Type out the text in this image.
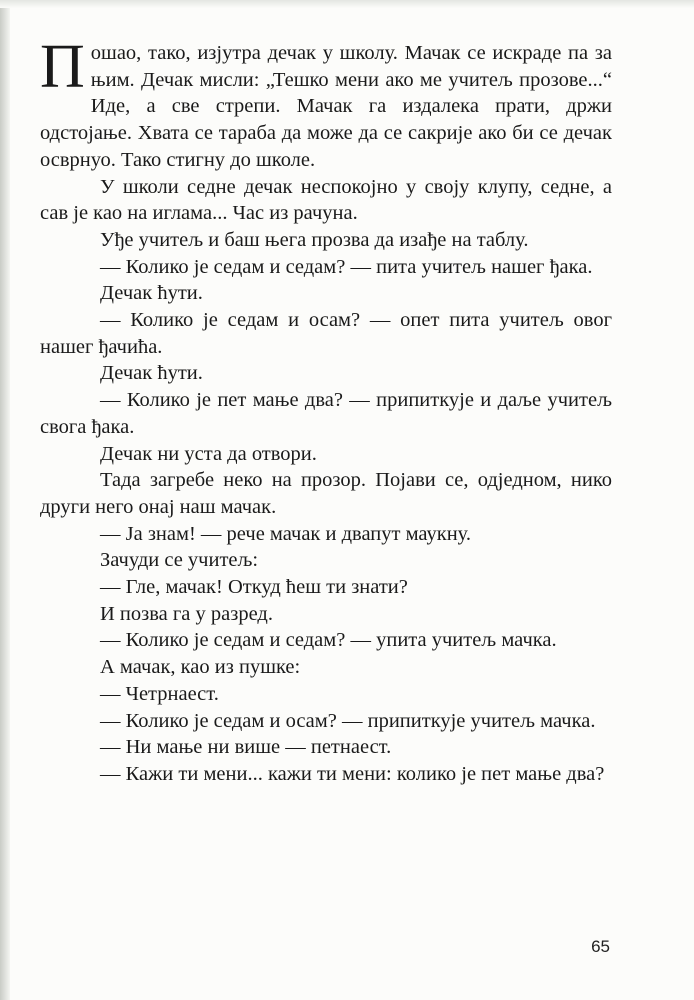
Пошао, тако, изјутра дечак у школу. Мачак се искраде па за њим. Дечак мисли: „Тешко мени ако ме учитељ прозове...“ Иде, а све стрепи. Мачак га издалека прати, држи одстојање. Хвата се тараба да може да се сакрије ако би се дечак осврнуо. Тако стигну до школе.

У школи седне дечак неспокојно у своју клупу, седне, а сав је као на иглама... Час из рачуна.

Уђе учитељ и баш њега прозва да изађе на таблу.

— Колико је седам и седам? — пита учитељ нашег ђака.

Дечак ћути.

— Колико је седам и осам? — опет пита учитељ овог нашег ђачића.

Дечак ћути.

— Колико је пет мање два? — припиткује и даље учитељ свога ђака.

Дечак ни уста да отвори.

Тада загребе неко на прозор. Појави се, одједном, нико други него онај наш мачак.

— Ја знам! — рече мачак и двапут маукну.

Зачуди се учитељ:

— Гле, мачак! Откуд ћеш ти знати?

И позва га у разред.

— Колико је седам и седам? — упита учитељ мачка.

А мачак, као из пушке:

— Четрнаест.

— Колико је седам и осам? — припиткује учитељ мачка.

— Ни мање ни више — петнаест.

— Кажи ти мени... кажи ти мени: колико је пет мање два?

65
